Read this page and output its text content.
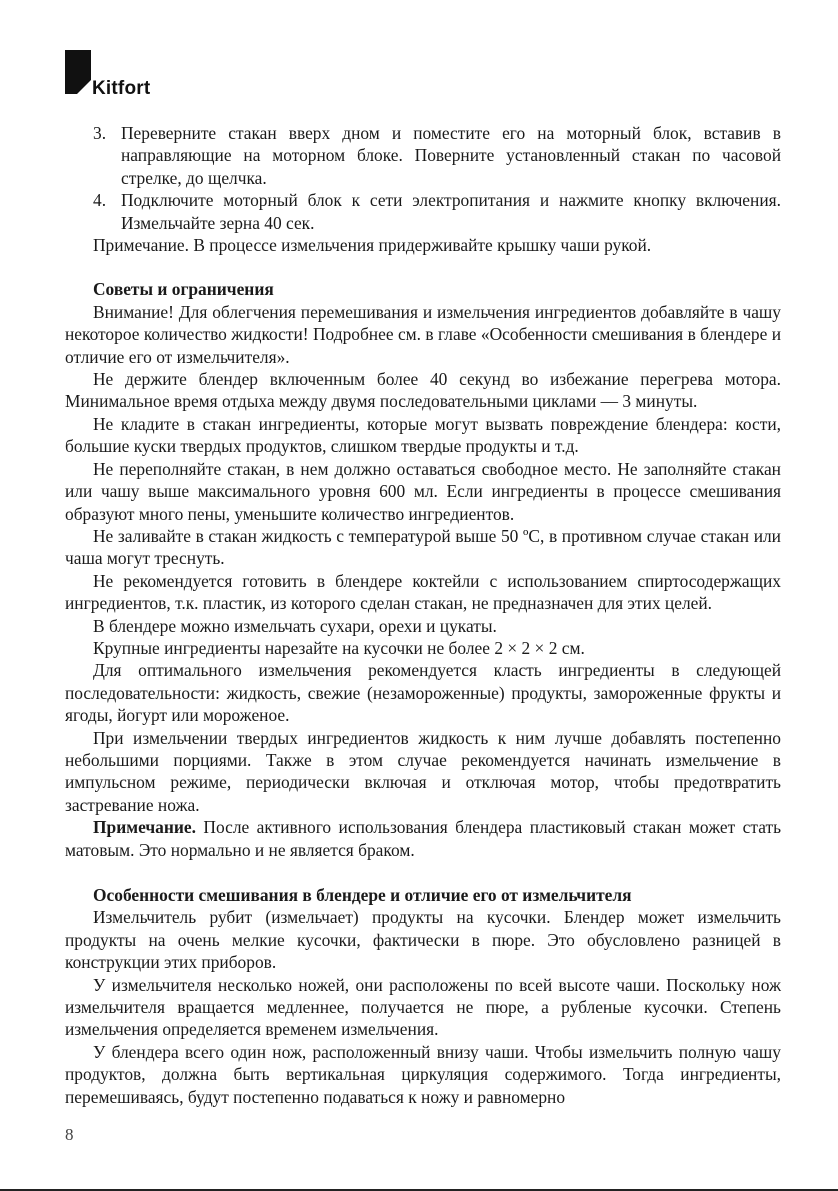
Kitfort
3. Переверните стакан вверх дном и поместите его на моторный блок, вставив в направляющие на моторном блоке. Поверните установленный стакан по часовой стрелке, до щелчка.
4. Подключите моторный блок к сети электропитания и нажмите кнопку включения. Измельчайте зерна 40 сек.

Примечание. В процессе измельчения придерживайте крышку чаши рукой.

Советы и ограничения

Внимание! Для облегчения перемешивания и измельчения ингредиентов добавляйте в чашу некоторое количество жидкости! Подробнее см. в главе «Особенности смешивания в блендере и отличие его от измельчителя».

Не держите блендер включенным более 40 секунд во избежание перегрева мотора. Минимальное время отдыха между двумя последовательными циклами — 3 минуты.

Не кладите в стакан ингредиенты, которые могут вызвать повреждение блендера: кости, большие куски твердых продуктов, слишком твердые продукты и т.д.

Не переполняйте стакан, в нем должно оставаться свободное место. Не заполняйте стакан или чашу выше максимального уровня 600 мл. Если ингредиенты в процессе смешивания образуют много пены, уменьшите количество ингредиентов.

Не заливайте в стакан жидкость с температурой выше 50 ºC, в противном случае стакан или чаша могут треснуть.

Не рекомендуется готовить в блендере коктейли с использованием спиртосодержащих ингредиентов, т.к. пластик, из которого сделан стакан, не предназначен для этих целей.

В блендере можно измельчать сухари, орехи и цукаты.

Крупные ингредиенты нарезайте на кусочки не более 2 × 2 × 2 см.

Для оптимального измельчения рекомендуется класть ингредиенты в следующей последовательности: жидкость, свежие (незамороженные) продукты, замороженные фрукты и ягоды, йогурт или мороженое.

При измельчении твердых ингредиентов жидкость к ним лучше добавлять постепенно небольшими порциями. Также в этом случае рекомендуется начинать измельчение в импульсном режиме, периодически включая и отключая мотор, чтобы предотвратить застревание ножа.

Примечание. После активного использования блендера пластиковый стакан может стать матовым. Это нормально и не является браком.

Особенности смешивания в блендере и отличие его от измельчителя

Измельчитель рубит (измельчает) продукты на кусочки. Блендер может измельчить продукты на очень мелкие кусочки, фактически в пюре. Это обусловлено разницей в конструкции этих приборов.

У измельчителя несколько ножей, они расположены по всей высоте чаши. Поскольку нож измельчителя вращается медленнее, получается не пюре, а рубленые кусочки. Степень измельчения определяется временем измельчения.

У блендера всего один нож, расположенный внизу чаши. Чтобы измельчить полную чашу продуктов, должна быть вертикальная циркуляция содержимого. Тогда ингредиенты, перемешиваясь, будут постепенно подаваться к ножу и равномерно

8
